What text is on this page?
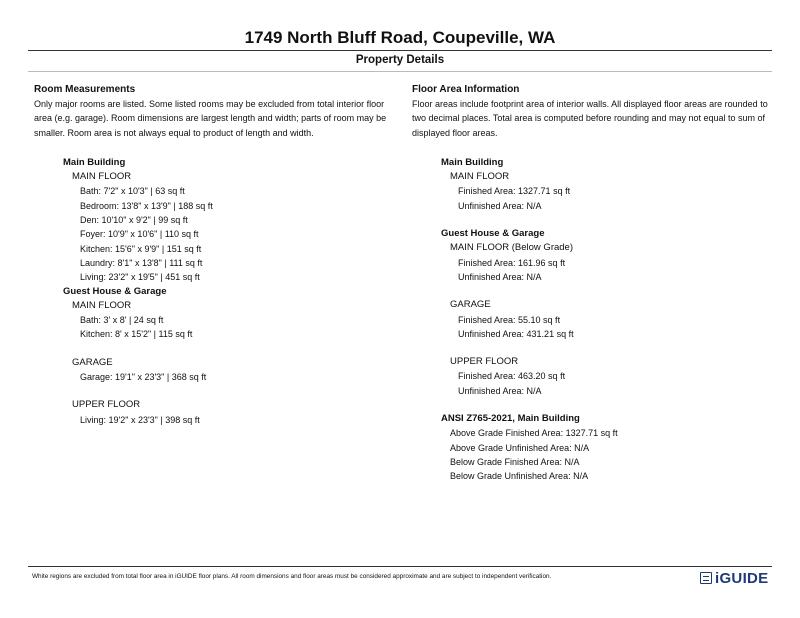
1749 North Bluff Road, Coupeville, WA
Property Details
Room Measurements

Only major rooms are listed. Some listed rooms may be excluded from total interior floor area (e.g. garage). Room dimensions are largest length and width; parts of room may be smaller. Room area is not always equal to product of length and width.

Main Building
MAIN FLOOR
Bath: 7'2" x 10'3" | 63 sq ft
Bedroom: 13'8" x 13'9" | 188 sq ft
Den: 10'10" x 9'2" | 99 sq ft
Foyer: 10'9" x 10'6" | 110 sq ft
Kitchen: 15'6" x 9'9" | 151 sq ft
Laundry: 8'1" x 13'8" | 111 sq ft
Living: 23'2" x 19'5" | 451 sq ft
Guest House & Garage
MAIN FLOOR
Bath: 3' x 8' | 24 sq ft
Kitchen: 8' x 15'2" | 115 sq ft
GARAGE
Garage: 19'1" x 23'3" | 368 sq ft
UPPER FLOOR
Living: 19'2" x 23'3" | 398 sq ft
Floor Area Information

Floor areas include footprint area of interior walls. All displayed floor areas are rounded to two decimal places. Total area is computed before rounding and may not equal to sum of displayed floor areas.

Main Building
MAIN FLOOR
Finished Area: 1327.71 sq ft
Unfinished Area: N/A
Guest House & Garage
MAIN FLOOR (Below Grade)
Finished Area: 161.96 sq ft
Unfinished Area: N/A
GARAGE
Finished Area: 55.10 sq ft
Unfinished Area: 431.21 sq ft
UPPER FLOOR
Finished Area: 463.20 sq ft
Unfinished Area: N/A
ANSI Z765-2021, Main Building
Above Grade Finished Area: 1327.71 sq ft
Above Grade Unfinished Area: N/A
Below Grade Finished Area: N/A
Below Grade Unfinished Area: N/A
White regions are excluded from total floor area in iGUIDE floor plans. All room dimensions and floor areas must be considered approximate and are subject to independent verification.	iGUIDE
